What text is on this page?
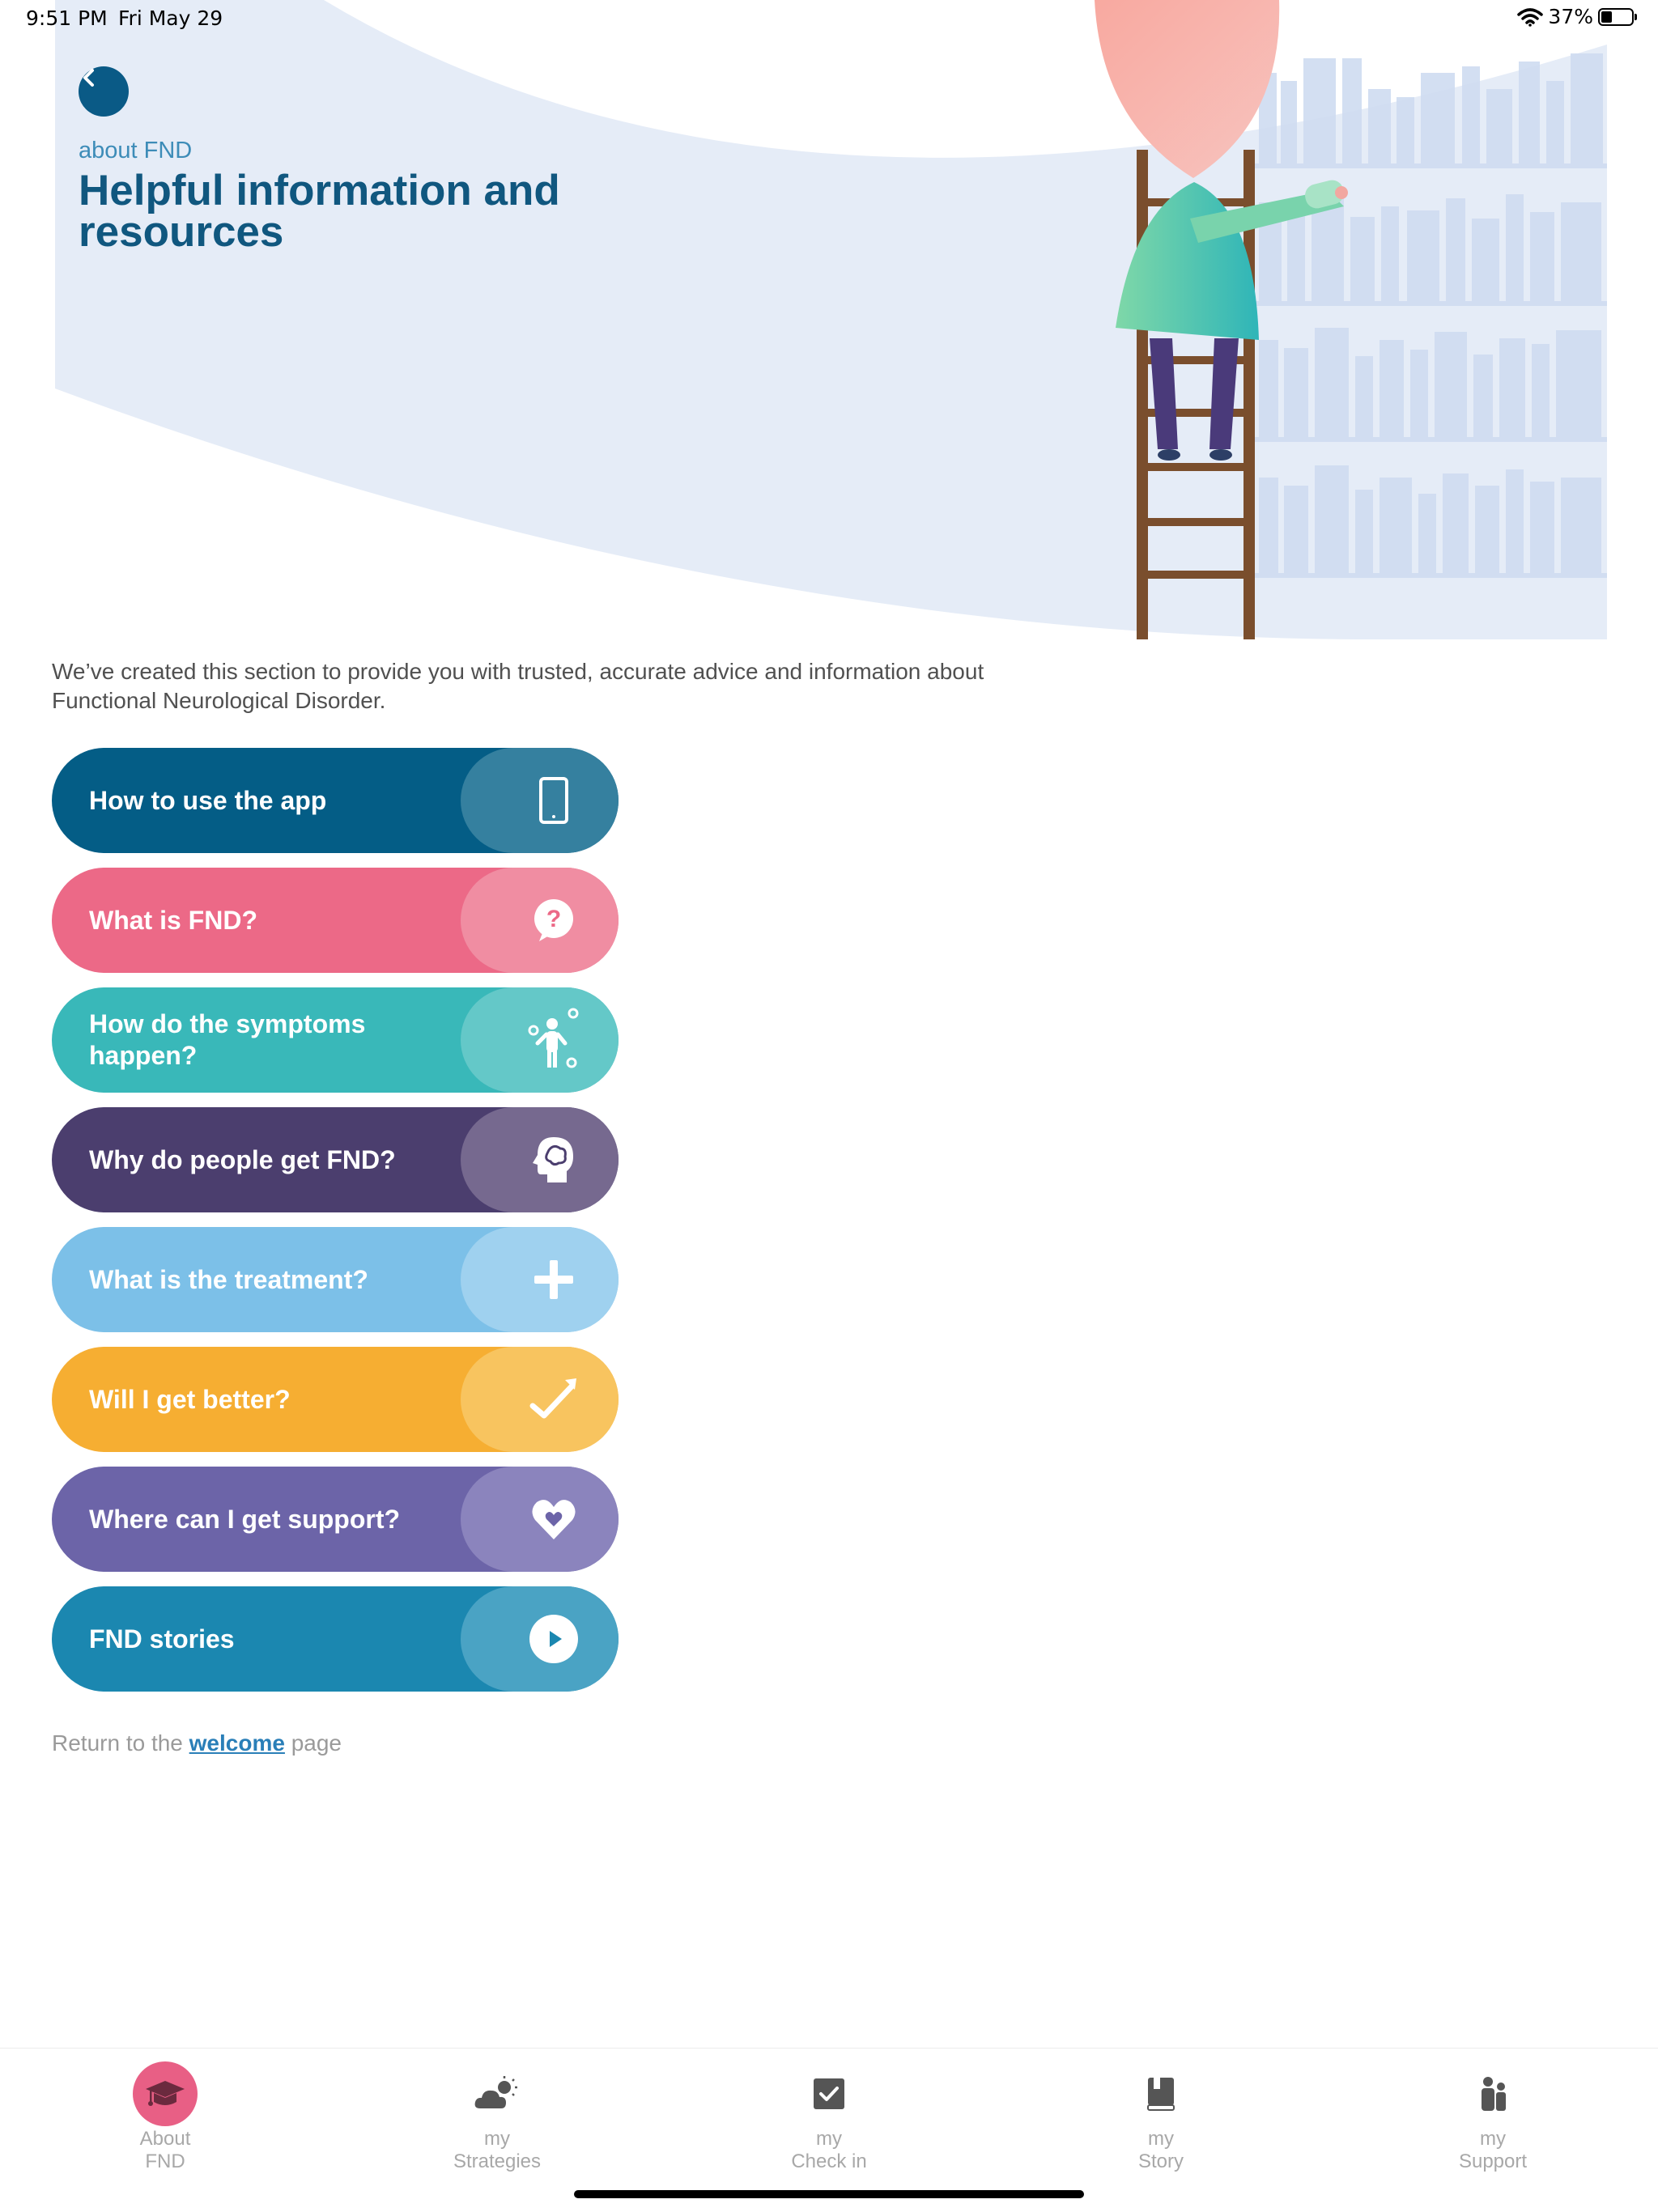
about FND
Helpful information and resources
9:51 PM Fri May 29	37%
We’ve created this section to provide you with trusted, accurate advice and information about Functional Neurological Disorder.
How to use the app
What is FND?	?
How do the symptoms happen?
Why do people get FND?
What is the treatment?
Will I get better?
Where can I get support?
FND stories
Return to the welcome page
About
FND
my
Strategies
my
Check in
my
Story
my
Support
